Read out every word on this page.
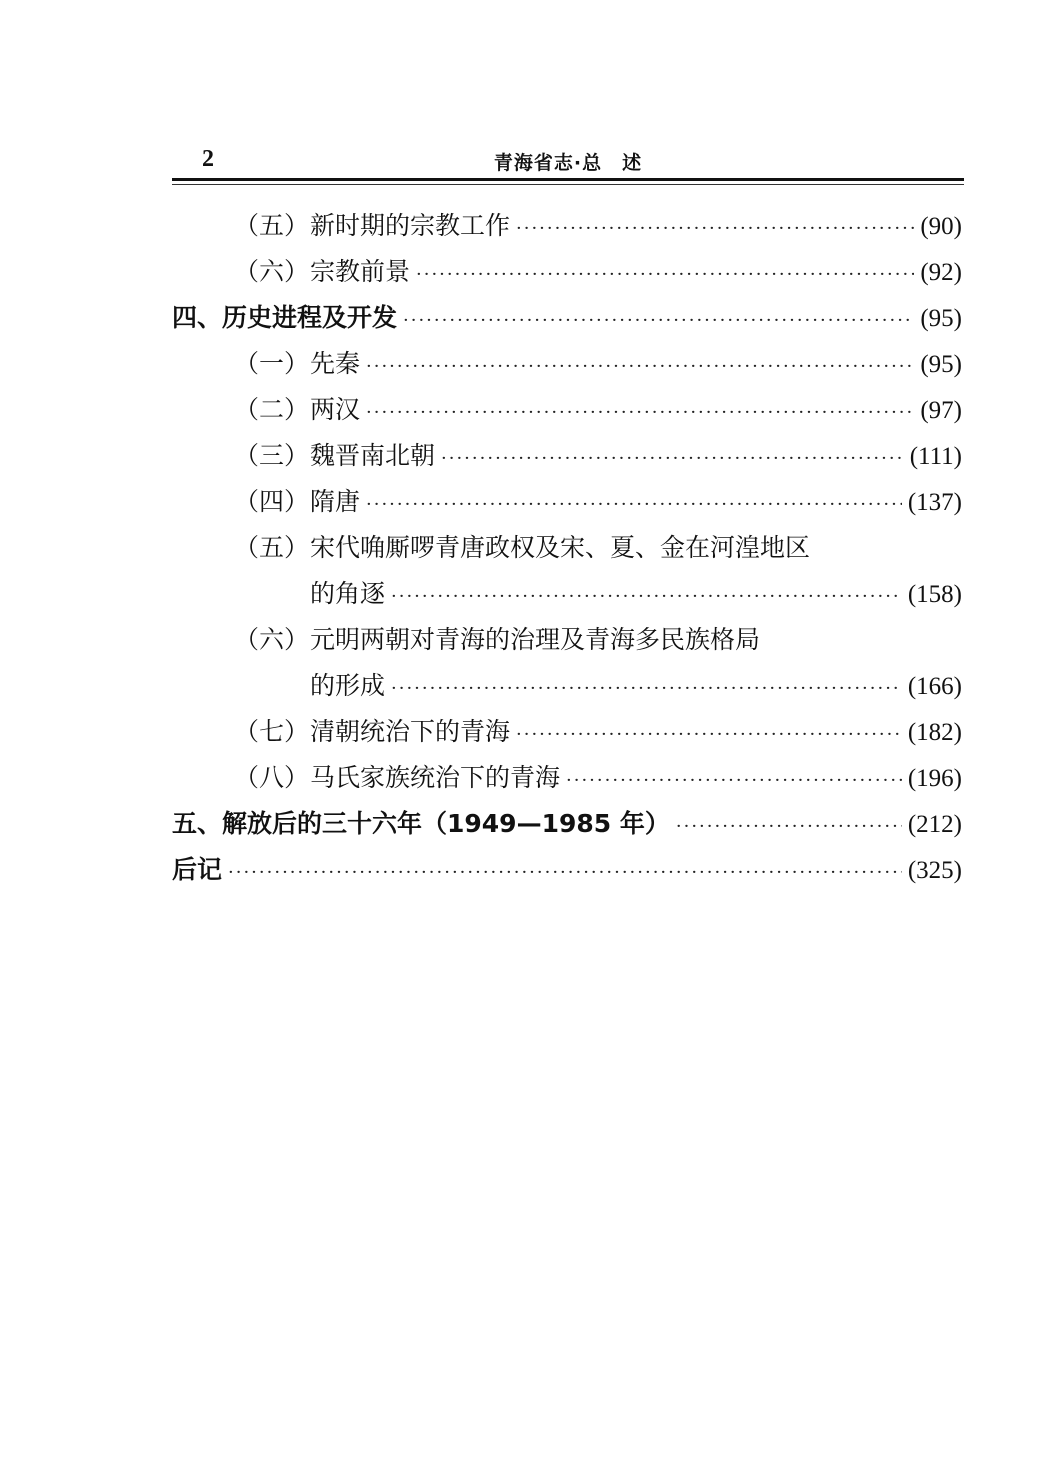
2	青海省志·总　述
（五） 新时期的宗教工作 ·····	(90)
（六） 宗教前景 ·····	(92)
四、历史进程及开发 ·····	(95)
（一） 先秦 ·····	(95)
（二） 两汉 ·····	(97)
（三） 魏晋南北朝 ·····	(111)
（四） 隋唐 ·····	(137)
（五） 宋代唃厮啰青唐政权及宋、夏、金在河湟地区
的角逐 ·····	(158)
（六） 元明两朝对青海的治理及青海多民族格局
的形成 ·····	(166)
（七） 清朝统治下的青海 ·····	(182)
（八） 马氏家族统治下的青海 ·····	(196)
五、解放后的三十六年（1949—1985 年） ·····	(212)
后记 ·····	(325)
